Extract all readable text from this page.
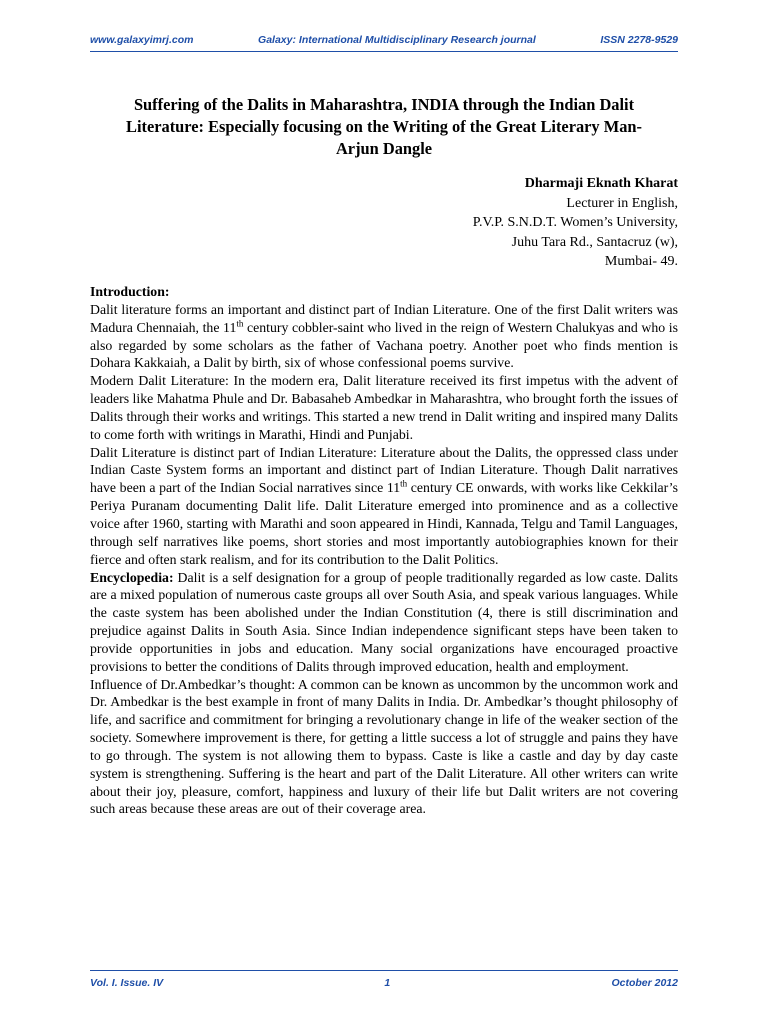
www.galaxyimrj.com	Galaxy: International Multidisciplinary Research journal	ISSN 2278-9529
Suffering of the Dalits in Maharashtra, INDIA through the Indian Dalit
Literature: Especially focusing on the Writing of the Great Literary Man-
Arjun Dangle
Dharmaji Eknath Kharat
Lecturer in English,
P.V.P. S.N.D.T. Women’s University,
Juhu Tara Rd., Santacruz (w),
Mumbai- 49.
Introduction:

Dalit literature forms an important and distinct part of Indian Literature. One of the first Dalit writers was Madura Chennaiah, the 11th century cobbler-saint who lived in the reign of Western Chalukyas and who is also regarded by some scholars as the father of Vachana poetry. Another poet who finds mention is Dohara Kakkaiah, a Dalit by birth, six of whose confessional poems survive.

Modern Dalit Literature: In the modern era, Dalit literature received its first impetus with the advent of leaders like Mahatma Phule and Dr. Babasaheb Ambedkar in Maharashtra, who brought forth the issues of Dalits through their works and writings. This started a new trend in Dalit writing and inspired many Dalits to come forth with writings in Marathi, Hindi and Punjabi.

Dalit Literature is distinct part of Indian Literature: Literature about the Dalits, the oppressed class under Indian Caste System forms an important and distinct part of Indian Literature. Though Dalit narratives have been a part of the Indian Social narratives since 11th century CE onwards, with works like Cekkilar’s Periya Puranam documenting Dalit life. Dalit Literature emerged into prominence and as a collective voice after 1960, starting with Marathi and soon appeared in Hindi, Kannada, Telgu and Tamil Languages, through self narratives like poems, short stories and most importantly autobiographies known for their fierce and often stark realism, and for its contribution to the Dalit Politics.

Encyclopedia: Dalit is a self designation for a group of people traditionally regarded as low caste. Dalits are a mixed population of numerous caste groups all over South Asia, and speak various languages. While the caste system has been abolished under the Indian Constitution (4, there is still discrimination and prejudice against Dalits in South Asia. Since Indian independence significant steps have been taken to provide opportunities in jobs and education. Many social organizations have encouraged proactive provisions to better the conditions of Dalits through improved education, health and employment.

Influence of Dr.Ambedkar’s thought: A common can be known as uncommon by the uncommon work and Dr. Ambedkar is the best example in front of many Dalits in India. Dr. Ambedkar’s thought philosophy of life, and sacrifice and commitment for bringing a revolutionary change in life of the weaker section of the society. Somewhere improvement is there, for getting a little success a lot of struggle and pains they have to go through. The system is not allowing them to bypass. Caste is like a castle and day by day caste system is strengthening. Suffering is the heart and part of the Dalit Literature. All other writers can write about their joy, pleasure, comfort, happiness and luxury of their life but Dalit writers are not covering such areas because these areas are out of their coverage area.

Vol. I. Issue. IV	1	October 2012
